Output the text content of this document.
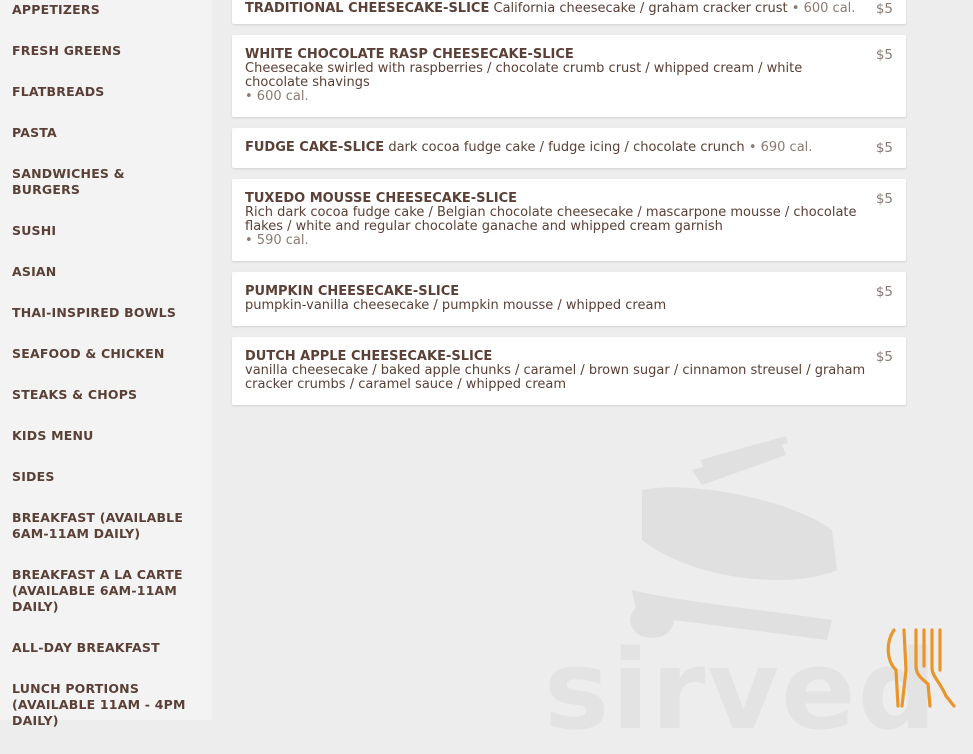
APPETIZERS
FRESH GREENS
FLATBREADS
PASTA
SANDWICHES & BURGERS
SUSHI
ASIAN
THAI-INSPIRED BOWLS
SEAFOOD & CHICKEN
STEAKS & CHOPS
KIDS MENU
SIDES
BREAKFAST (AVAILABLE 6AM-11AM DAILY)
BREAKFAST A LA CARTE (AVAILABLE 6AM-11AM DAILY)
ALL-DAY BREAKFAST
LUNCH PORTIONS (AVAILABLE 11AM - 4PM DAILY)	sirved
TRADITIONAL CHEESECAKE-SLICE California cheesecake / graham cracker crust • 600 cal.	$5
WHITE CHOCOLATE RASP CHEESECAKE-SLICE
Cheesecake swirled with raspberries / chocolate crumb crust / whipped cream / white chocolate shavings
• 600 cal.
$5
FUDGE CAKE-SLICE dark cocoa fudge cake / fudge icing / chocolate crunch • 690 cal.	$5
TUXEDO MOUSSE CHEESECAKE-SLICE
Rich dark cocoa fudge cake / Belgian chocolate cheesecake / mascarpone mousse / chocolate flakes / white and regular chocolate ganache and whipped cream garnish
• 590 cal.
$5
PUMPKIN CHEESECAKE-SLICE
pumpkin-vanilla cheesecake / pumpkin mousse / whipped cream
$5
DUTCH APPLE CHEESECAKE-SLICE
vanilla cheesecake / baked apple chunks / caramel / brown sugar / cinnamon streusel / graham cracker crumbs / caramel sauce / whipped cream
$5
